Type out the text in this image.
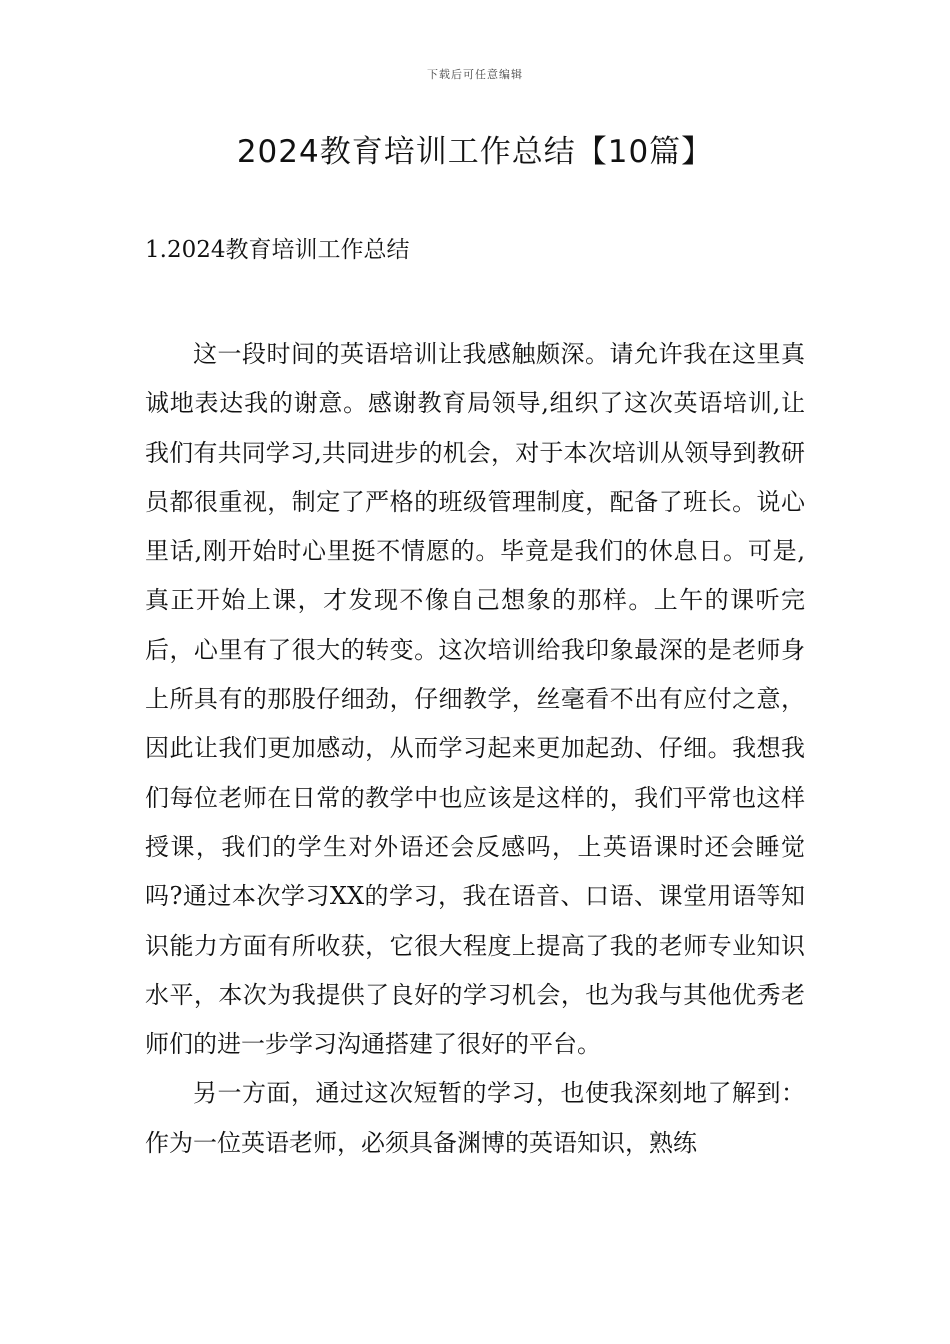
下载后可任意编辑
2024教育培训工作总结【10篇】
1.2024教育培训工作总结

这一段时间的英语培训让我感触颇深。请允许我在这里真诚地表达我的谢意。感谢教育局领导,组织了这次英语培训,让我们有共同学习,共同进步的机会，对于本次培训从领导到教研员都很重视，制定了严格的班级管理制度，配备了班长。说心里话,刚开始时心里挺不情愿的。毕竟是我们的休息日。可是,真正开始上课，才发现不像自己想象的那样。上午的课听完后，心里有了很大的转变。这次培训给我印象最深的是老师身上所具有的那股仔细劲，仔细教学，丝毫看不出有应付之意，因此让我们更加感动，从而学习起来更加起劲、仔细。我想我们每位老师在日常的教学中也应该是这样的，我们平常也这样授课，我们的学生对外语还会反感吗，上英语课时还会睡觉吗?通过本次学习XX的学习，我在语音、口语、课堂用语等知识能力方面有所收获，它很大程度上提高了我的老师专业知识水平，本次为我提供了良好的学习机会，也为我与其他优秀老师们的进一步学习沟通搭建了很好的平台。

另一方面，通过这次短暂的学习，也使我深刻地了解到：作为一位英语老师，必须具备渊博的英语知识，熟练
